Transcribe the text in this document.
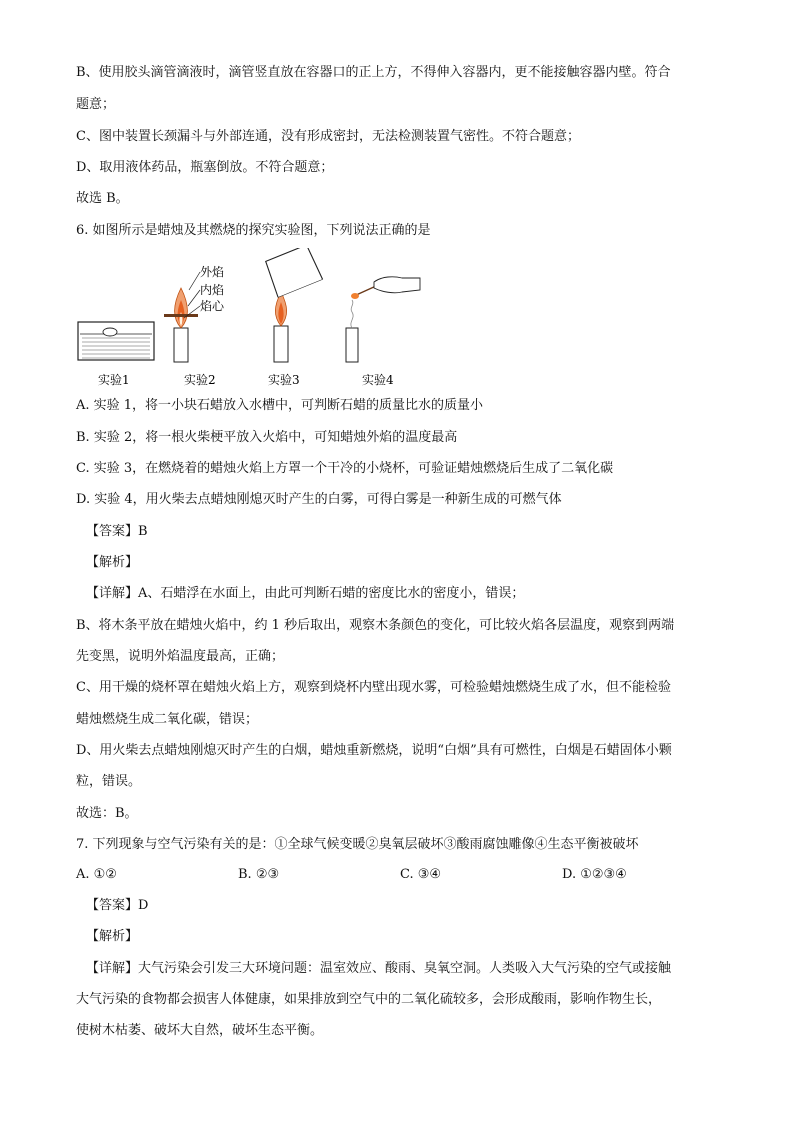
B、使用胶头滴管滴液时，滴管竖直放在容器口的正上方，不得伸入容器内，更不能接触容器内壁。符合
题意；
C、图中装置长颈漏斗与外部连通，没有形成密封，无法检测装置气密性。不符合题意；
D、取用液体药品，瓶塞倒放。不符合题意；
故选 B。
6. 如图所示是蜡烛及其燃烧的探究实验图，下列说法正确的是
外焰
内焰
焰心
实验1	实验2	实验3	实验4
A. 实验 1，将一小块石蜡放入水槽中，可判断石蜡的质量比水的质量小
B. 实验 2，将一根火柴梗平放入火焰中，可知蜡烛外焰的温度最高
C. 实验 3，在燃烧着的蜡烛火焰上方罩一个干冷的小烧杯，可验证蜡烛燃烧后生成了二氧化碳
D. 实验 4，用火柴去点蜡烛刚熄灭时产生的白雾，可得白雾是一种新生成的可燃气体
【答案】B
【解析】
【详解】A、石蜡浮在水面上，由此可判断石蜡的密度比水的密度小，错误；
B、将木条平放在蜡烛火焰中，约 1 秒后取出，观察木条颜色的变化，可比较火焰各层温度，观察到两端
先变黑，说明外焰温度最高，正确；
C、用干燥的烧杯罩在蜡烛火焰上方，观察到烧杯内壁出现水雾，可检验蜡烛燃烧生成了水，但不能检验
蜡烛燃烧生成二氧化碳，错误；
D、用火柴去点蜡烛刚熄灭时产生的白烟，蜡烛重新燃烧，说明“白烟”具有可燃性，白烟是石蜡固体小颗
粒，错误。
故选：B。
7. 下列现象与空气污染有关的是：①全球气候变暖②臭氧层破坏③酸雨腐蚀雕像④生态平衡被破坏
A. ①②	B. ②③	C. ③④	D. ①②③④
【答案】D
【解析】
【详解】大气污染会引发三大环境问题：温室效应、酸雨、臭氧空洞。人类吸入大气污染的空气或接触
大气污染的食物都会损害人体健康，如果排放到空气中的二氧化硫较多，会形成酸雨，影响作物生长，
使树木枯萎、破坏大自然，破坏生态平衡。
